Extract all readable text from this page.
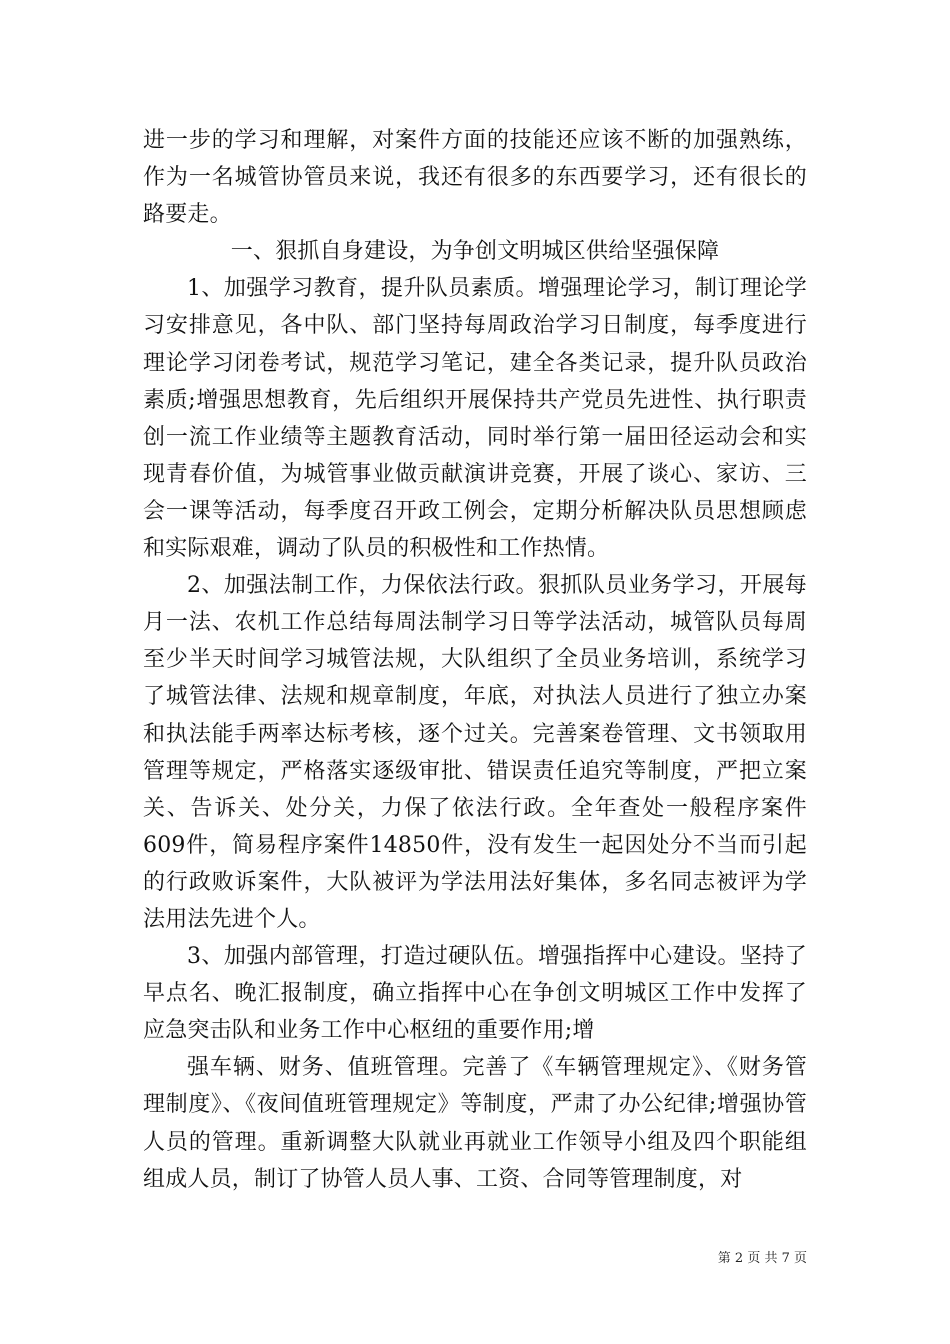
进一步的学习和理解，对案件方面的技能还应该不断的加强熟练，作为一名城管协管员来说，我还有很多的东西要学习，还有很长的路要走。

一、狠抓自身建设，为争创文明城区供给坚强保障

1、加强学习教育，提升队员素质。增强理论学习，制订理论学习安排意见，各中队、部门坚持每周政治学习日制度，每季度进行理论学习闭卷考试，规范学习笔记，建全各类记录，提升队员政治素质;增强思想教育，先后组织开展保持共产党员先进性、执行职责创一流工作业绩等主题教育活动，同时举行第一届田径运动会和实现青春价值，为城管事业做贡献演讲竞赛，开展了谈心、家访、三会一课等活动，每季度召开政工例会，定期分析解决队员思想顾虑和实际艰难，调动了队员的积极性和工作热情。

2、加强法制工作，力保依法行政。狠抓队员业务学习，开展每月一法、农机工作总结每周法制学习日等学法活动，城管队员每周至少半天时间学习城管法规，大队组织了全员业务培训，系统学习了城管法律、法规和规章制度，年底，对执法人员进行了独立办案和执法能手两率达标考核，逐个过关。完善案卷管理、文书领取用管理等规定，严格落实逐级审批、错误责任追究等制度，严把立案关、告诉关、处分关，力保了依法行政。全年查处一般程序案件609件，简易程序案件14850件，没有发生一起因处分不当而引起的行政败诉案件，大队被评为学法用法好集体，多名同志被评为学法用法先进个人。

3、加强内部管理，打造过硬队伍。增强指挥中心建设。坚持了早点名、晚汇报制度，确立指挥中心在争创文明城区工作中发挥了应急突击队和业务工作中心枢纽的重要作用;增

强车辆、财务、值班管理。完善了《车辆管理规定》、《财务管理制度》、《夜间值班管理规定》等制度，严肃了办公纪律;增强协管人员的管理。重新调整大队就业再就业工作领导小组及四个职能组组成人员，制订了协管人员人事、工资、合同等管理制度，对

第 2 页 共 7 页
